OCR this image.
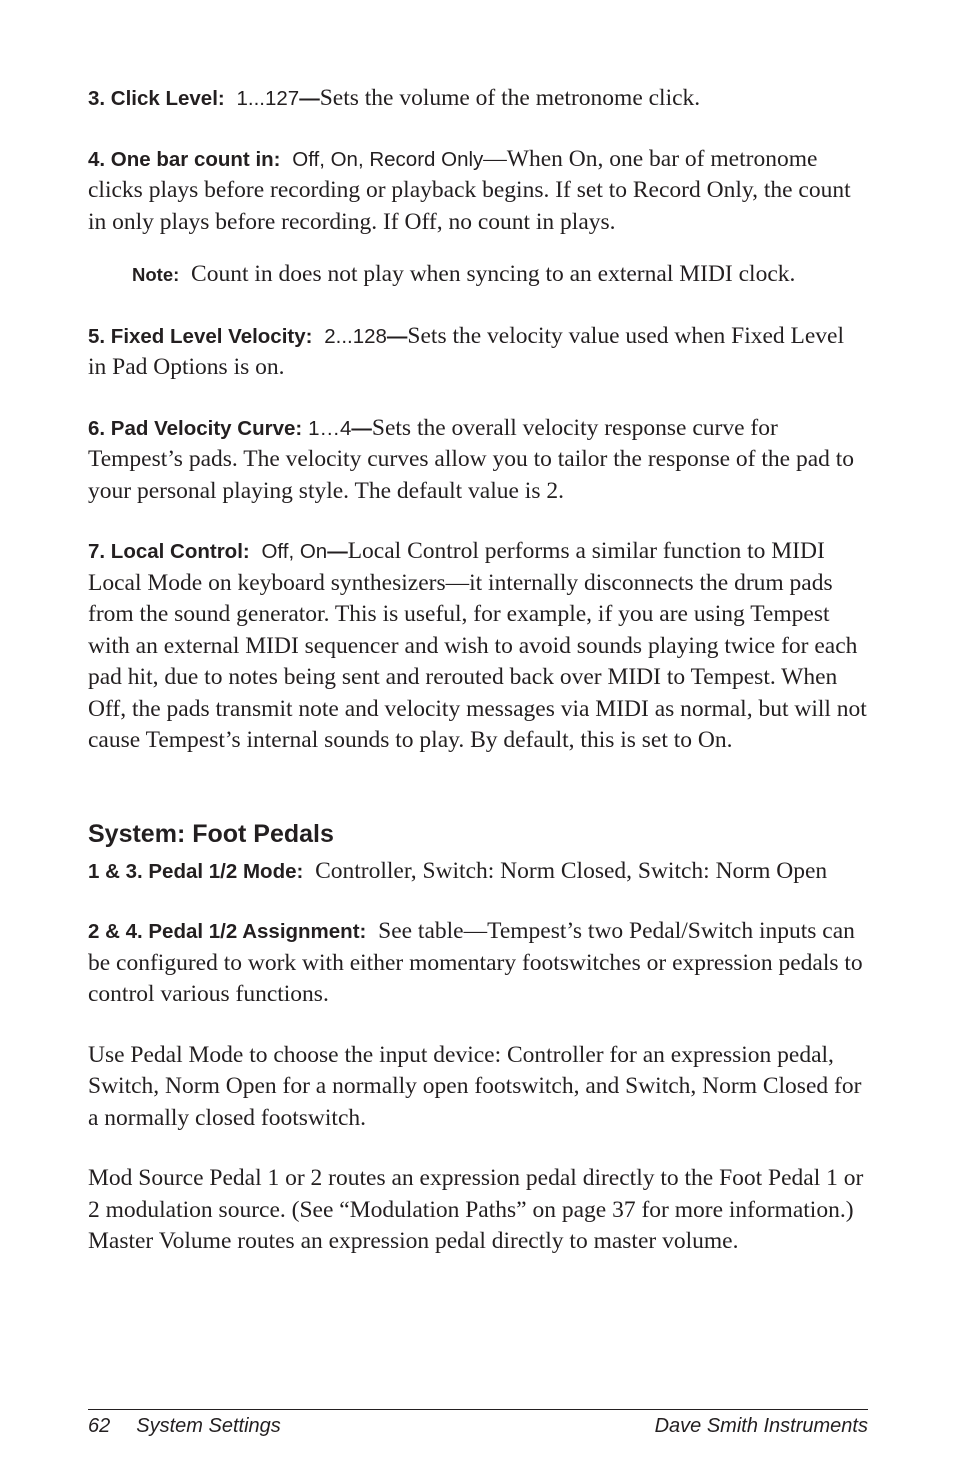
3. Click Level: 1...127—Sets the volume of the metronome click.

4. One bar count in: Off, On, Record Only—When On, one bar of metronome clicks plays before recording or playback begins. If set to Record Only, the count in only plays before recording. If Off, no count in plays.

Note: Count in does not play when syncing to an external MIDI clock.

5. Fixed Level Velocity: 2...128—Sets the velocity value used when Fixed Level in Pad Options is on.

6. Pad Velocity Curve: 1…4—Sets the overall velocity response curve for Tempest’s pads. The velocity curves allow you to tailor the response of the pad to your personal playing style. The default value is 2.

7. Local Control: Off, On—Local Control performs a similar function to MIDI Local Mode on keyboard synthesizers—it internally disconnects the drum pads from the sound generator. This is useful, for example, if you are using Tempest with an external MIDI sequencer and wish to avoid sounds playing twice for each pad hit, due to notes being sent and rerouted back over MIDI to Tempest. When Off, the pads transmit note and velocity messages via MIDI as normal, but will not cause Tempest’s internal sounds to play. By default, this is set to On.

System: Foot Pedals

1 & 3. Pedal 1/2 Mode: Controller, Switch: Norm Closed, Switch: Norm Open

2 & 4. Pedal 1/2 Assignment: See table—Tempest’s two Pedal/Switch inputs can be configured to work with either momentary footswitches or expression pedals to control various functions.

Use Pedal Mode to choose the input device: Controller for an expression pedal, Switch, Norm Open for a normally open footswitch, and Switch, Norm Closed for a normally closed footswitch.

Mod Source Pedal 1 or 2 routes an expression pedal directly to the Foot Pedal 1 or 2 modulation source. (See “Modulation Paths” on page 37 for more information.) Master Volume routes an expression pedal directly to master volume.

62 System Settings	Dave Smith Instruments
